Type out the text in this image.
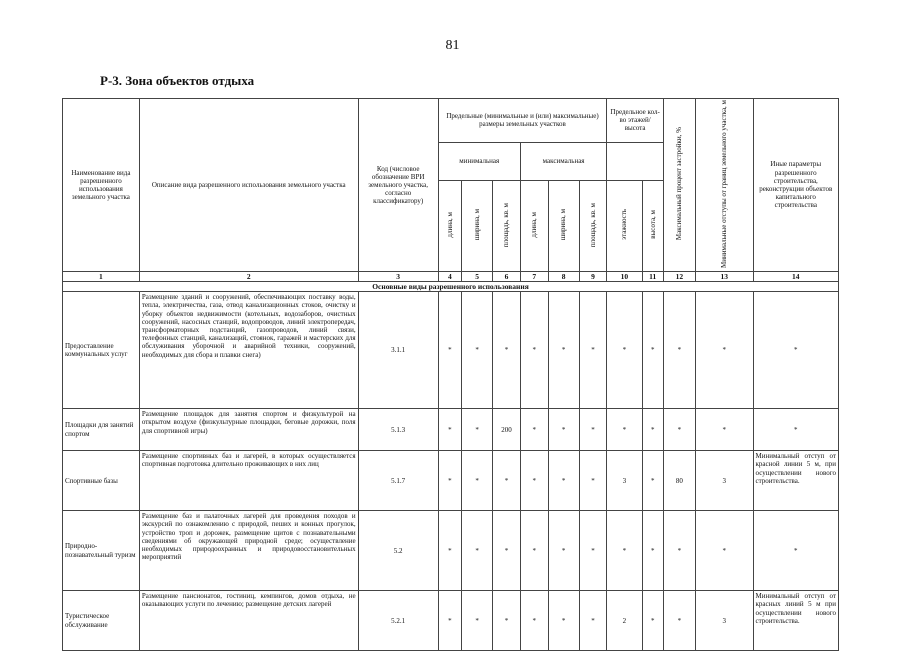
81
Р-3. Зона объектов отдыха
Наименование вида разрешенного использования земельного участка	Описание вида разрешенного использования земельного участка	Код (числовое обозначение ВРИ земельного участка, согласно классификатору)	Предельные (минимальные и (или) максимальные) размеры земельных участков						Предельное кол-во этажей/ высота		Максимальный процент застройки, %	Минимальные отступы от границ земельного участка, м	Иные параметры разрешенного строительства, реконструкции объектов капитального строительства
			минимальная			максимальная							
			длина, м	ширина, м	площадь, кв. м	длина, м	ширина, м	площадь, кв. м	этажность	высота, м			
1	2	3	4	5	6	7	8	9	10	11	12	13	14
Основные виды разрешенного использования													
Предоставление коммунальных услуг	Размещение зданий и сооружений, обеспечивающих поставку воды, тепла, электричества, газа, отвод канализационных стоков, очистку и уборку объектов недвижимости (котельных, водозаборов, очистных сооружений, насосных станций, водопроводов, линий электропередач, трансформаторных подстанций, газопроводов, линий связи, телефонных станций, канализаций, стоянок, гаражей и мастерских для обслуживания уборочной и аварийной техники, сооружений, необходимых для сбора и плавки снега)	3.1.1	*	*	*	*	*	*	*	*	*	*	*
Площадки для занятий спортом	Размещение площадок для занятия спортом и физкультурой на открытом воздухе (физкультурные площадки, беговые дорожки, поля для спортивной игры)	5.1.3	*	*	200	*	*	*	*	*	*	*	*
Спортивные базы	Размещение спортивных баз и лагерей, в которых осуществляется спортивная подготовка длительно проживающих в них лиц	5.1.7	*	*	*	*	*	*	3	*	80	3	Минимальный отступ от красной линии 5 м, при осуществлении нового строительства.
Природно-познавательный туризм	Размещение баз и палаточных лагерей для проведения походов и экскурсий по ознакомлению с природой, пеших и конных прогулок, устройство троп и дорожек, размещение щитов с познавательными сведениями об окружающей природной среде; осуществление необходимых природоохранных и природовосстановительных мероприятий	5.2	*	*	*	*	*	*	*	*	*	*	*
Туристическое обслуживание	Размещение пансионатов, гостиниц, кемпингов, домов отдыха, не оказывающих услуги по лечению; размещение детских лагерей	5.2.1	*	*	*	*	*	*	2	*	*	3	Минимальный отступ от красных линий 5 м при осуществлении нового строительства.
